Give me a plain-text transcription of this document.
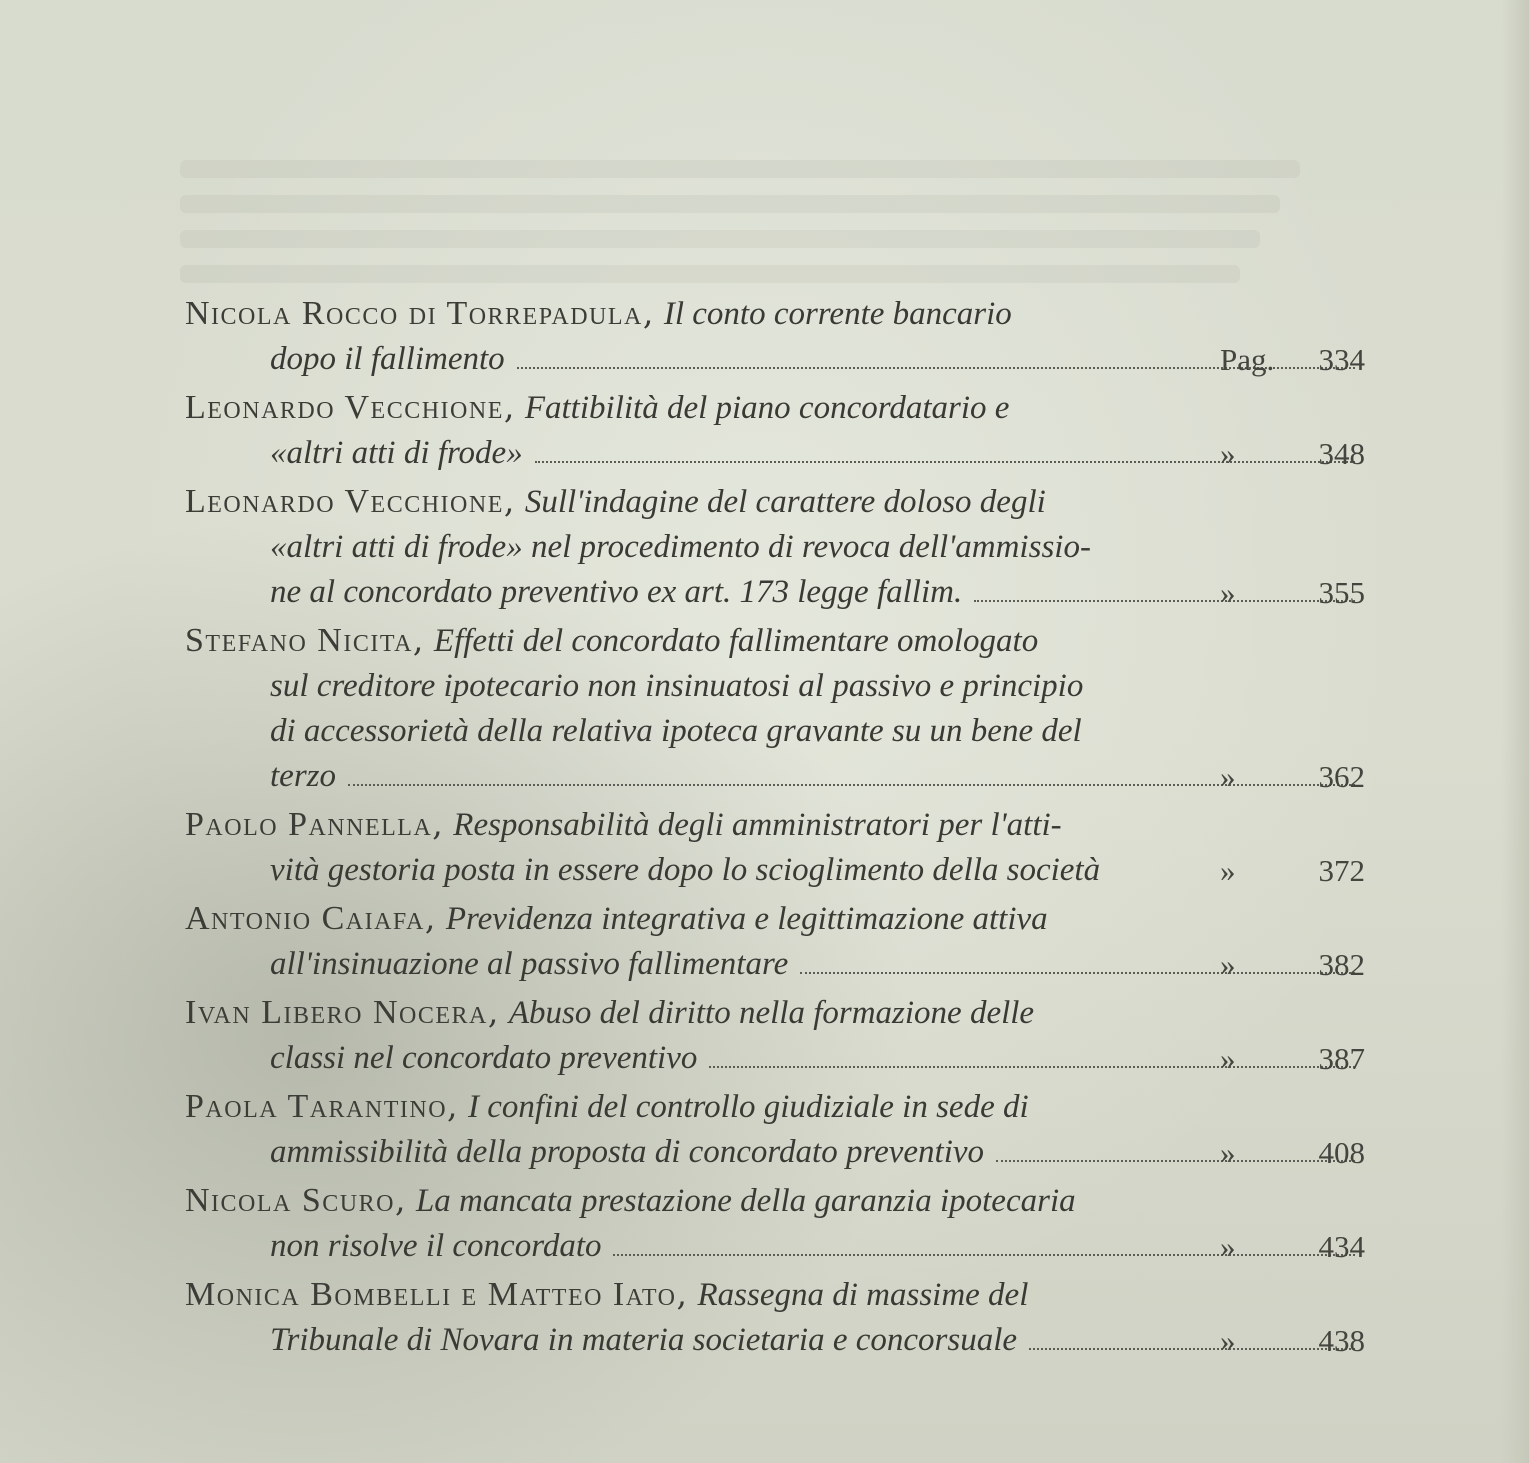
Nicola Rocco di Torrepadula, Il conto corrente bancario
dopo il fallimento	Pag. 334
Leonardo Vecchione, Fattibilità del piano concordatario e
«altri atti di frode»	»	348
Leonardo Vecchione, Sull'indagine del carattere doloso degli
«altri atti di frode» nel procedimento di revoca dell'ammissio-
ne al concordato preventivo ex art. 173 legge fallim.	»	355
Stefano Nicita, Effetti del concordato fallimentare omologato
sul creditore ipotecario non insinuatosi al passivo e principio
di accessorietà della relativa ipoteca gravante su un bene del
terzo	»	362
Paolo Pannella, Responsabilità degli amministratori per l'atti-
vità gestoria posta in essere dopo lo scioglimento della società	»	372
Antonio Caiafa, Previdenza integrativa e legittimazione attiva
all'insinuazione al passivo fallimentare	»	382
Ivan Libero Nocera, Abuso del diritto nella formazione delle
classi nel concordato preventivo	»	387
Paola Tarantino, I confini del controllo giudiziale in sede di
ammissibilità della proposta di concordato preventivo	»	408
Nicola Scuro, La mancata prestazione della garanzia ipotecaria
non risolve il concordato	»	434
Monica Bombelli e Matteo Iato, Rassegna di massime del
Tribunale di Novara in materia societaria e concorsuale	»	438
